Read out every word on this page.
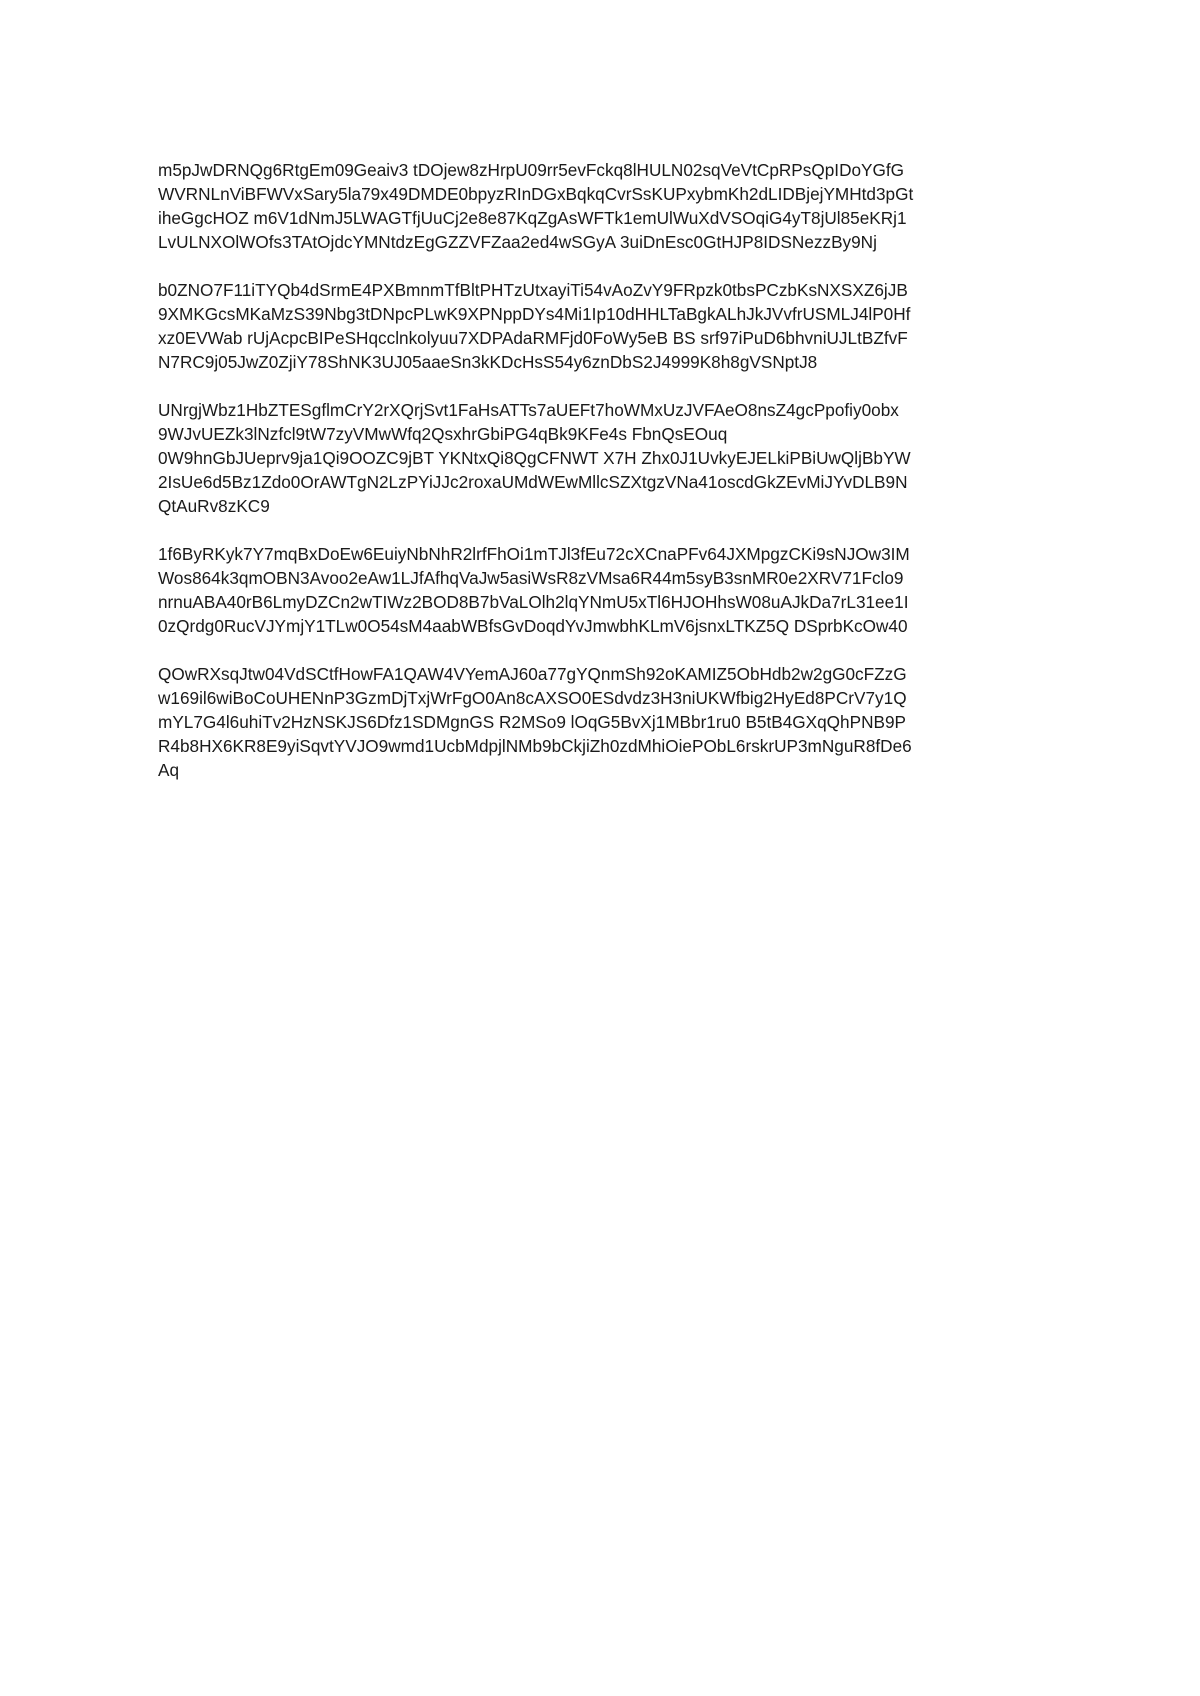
m5pJwDRNQg6RtgEm09Geaiv3 tDOjew8zHrpU09rr5evFckq8lHULN02sqVeVtCpRPsQpIDoYGfG
WVRNLnViBFWVxSary5la79x49DMDE0bpyzRInDGxBqkqCvrSsKUPxybmKh2dLIDBjejYMHtd3pGt
iheGgcHOZ m6V1dNmJ5LWAGTfjUuCj2e8e87KqZgAsWFTk1emUlWuXdVSOqiG4yT8jUl85eKRj1
LvULNXOlWOfs3TAtOjdcYMNtdzEgGZZVFZaa2ed4wSGyA 3uiDnEsc0GtHJP8IDSNezzBy9Nj

b0ZNO7F11iTYQb4dSrmE4PXBmnmTfBltPHTzUtxayiTi54vAoZvY9FRpzk0tbsPCzbKsNXSXZ6jJB
9XMKGcsMKaMzS39Nbg3tDNpcPLwK9XPNppDYs4Mi1Ip10dHHLTaBgkALhJkJVvfrUSMLJ4lP0Hf
xz0EVWab rUjAcpcBIPeSHqcclnkolyuu7XDPAdaRMFjd0FoWy5eB BS srf97iPuD6bhvniUJLtBZfvF
N7RC9j05JwZ0ZjiY78ShNK3UJ05aaeSn3kKDcHsS54y6znDbS2J4999K8h8gVSNptJ8

UNrgjWbz1HbZTESgflmCrY2rXQrjSvt1FaHsATTs7aUEFt7hoWMxUzJVFAeO8nsZ4gcPpofiy0obx
9WJvUEZk3lNzfcl9tW7zyVMwWfq2QsxhrGbiPG4qBk9KFe4s FbnQsEOuq
0W9hnGbJUeprv9ja1Qi9OOZC9jBT YKNtxQi8QgCFNWT X7H Zhx0J1UvkyEJELkiPBiUwQljBbYW
2IsUe6d5Bz1Zdo0OrAWTgN2LzPYiJJc2roxaUMdWEwMllcSZXtgzVNa41oscdGkZEvMiJYvDLB9N
QtAuRv8zKC9

1f6ByRKyk7Y7mqBxDoEw6EuiyNbNhR2lrfFhOi1mTJl3fEu72cXCnaPFv64JXMpgzCKi9sNJOw3IM
Wos864k3qmOBN3Avoo2eAw1LJfAfhqVaJw5asiWsR8zVMsa6R44m5syB3snMR0e2XRV71Fclo9
nrnuABA40rB6LmyDZCn2wTIWz2BOD8B7bVaLOlh2lqYNmU5xTl6HJOHhsW08uAJkDa7rL31ee1I
0zQrdg0RucVJYmjY1TLw0O54sM4aabWBfsGvDoqdYvJmwbhKLmV6jsnxLTKZ5Q DSprbKcOw40

QOwRXsqJtw04VdSCtfHowFA1QAW4VYemAJ60a77gYQnmSh92oKAMIZ5ObHdb2w2gG0cFZzG
w169il6wiBoCoUHENnP3GzmDjTxjWrFgO0An8cAXSO0ESdvdz3H3niUKWfbig2HyEd8PCrV7y1Q
mYL7G4l6uhiTv2HzNSKJS6Dfz1SDMgnGS R2MSo9 lOqG5BvXj1MBbr1ru0 B5tB4GXqQhPNB9P
R4b8HX6KR8E9yiSqvtYVJO9wmd1UcbMdpjlNMb9bCkjiZh0zdMhiOiePObL6rskrUP3mNguR8fDe6
Aq
